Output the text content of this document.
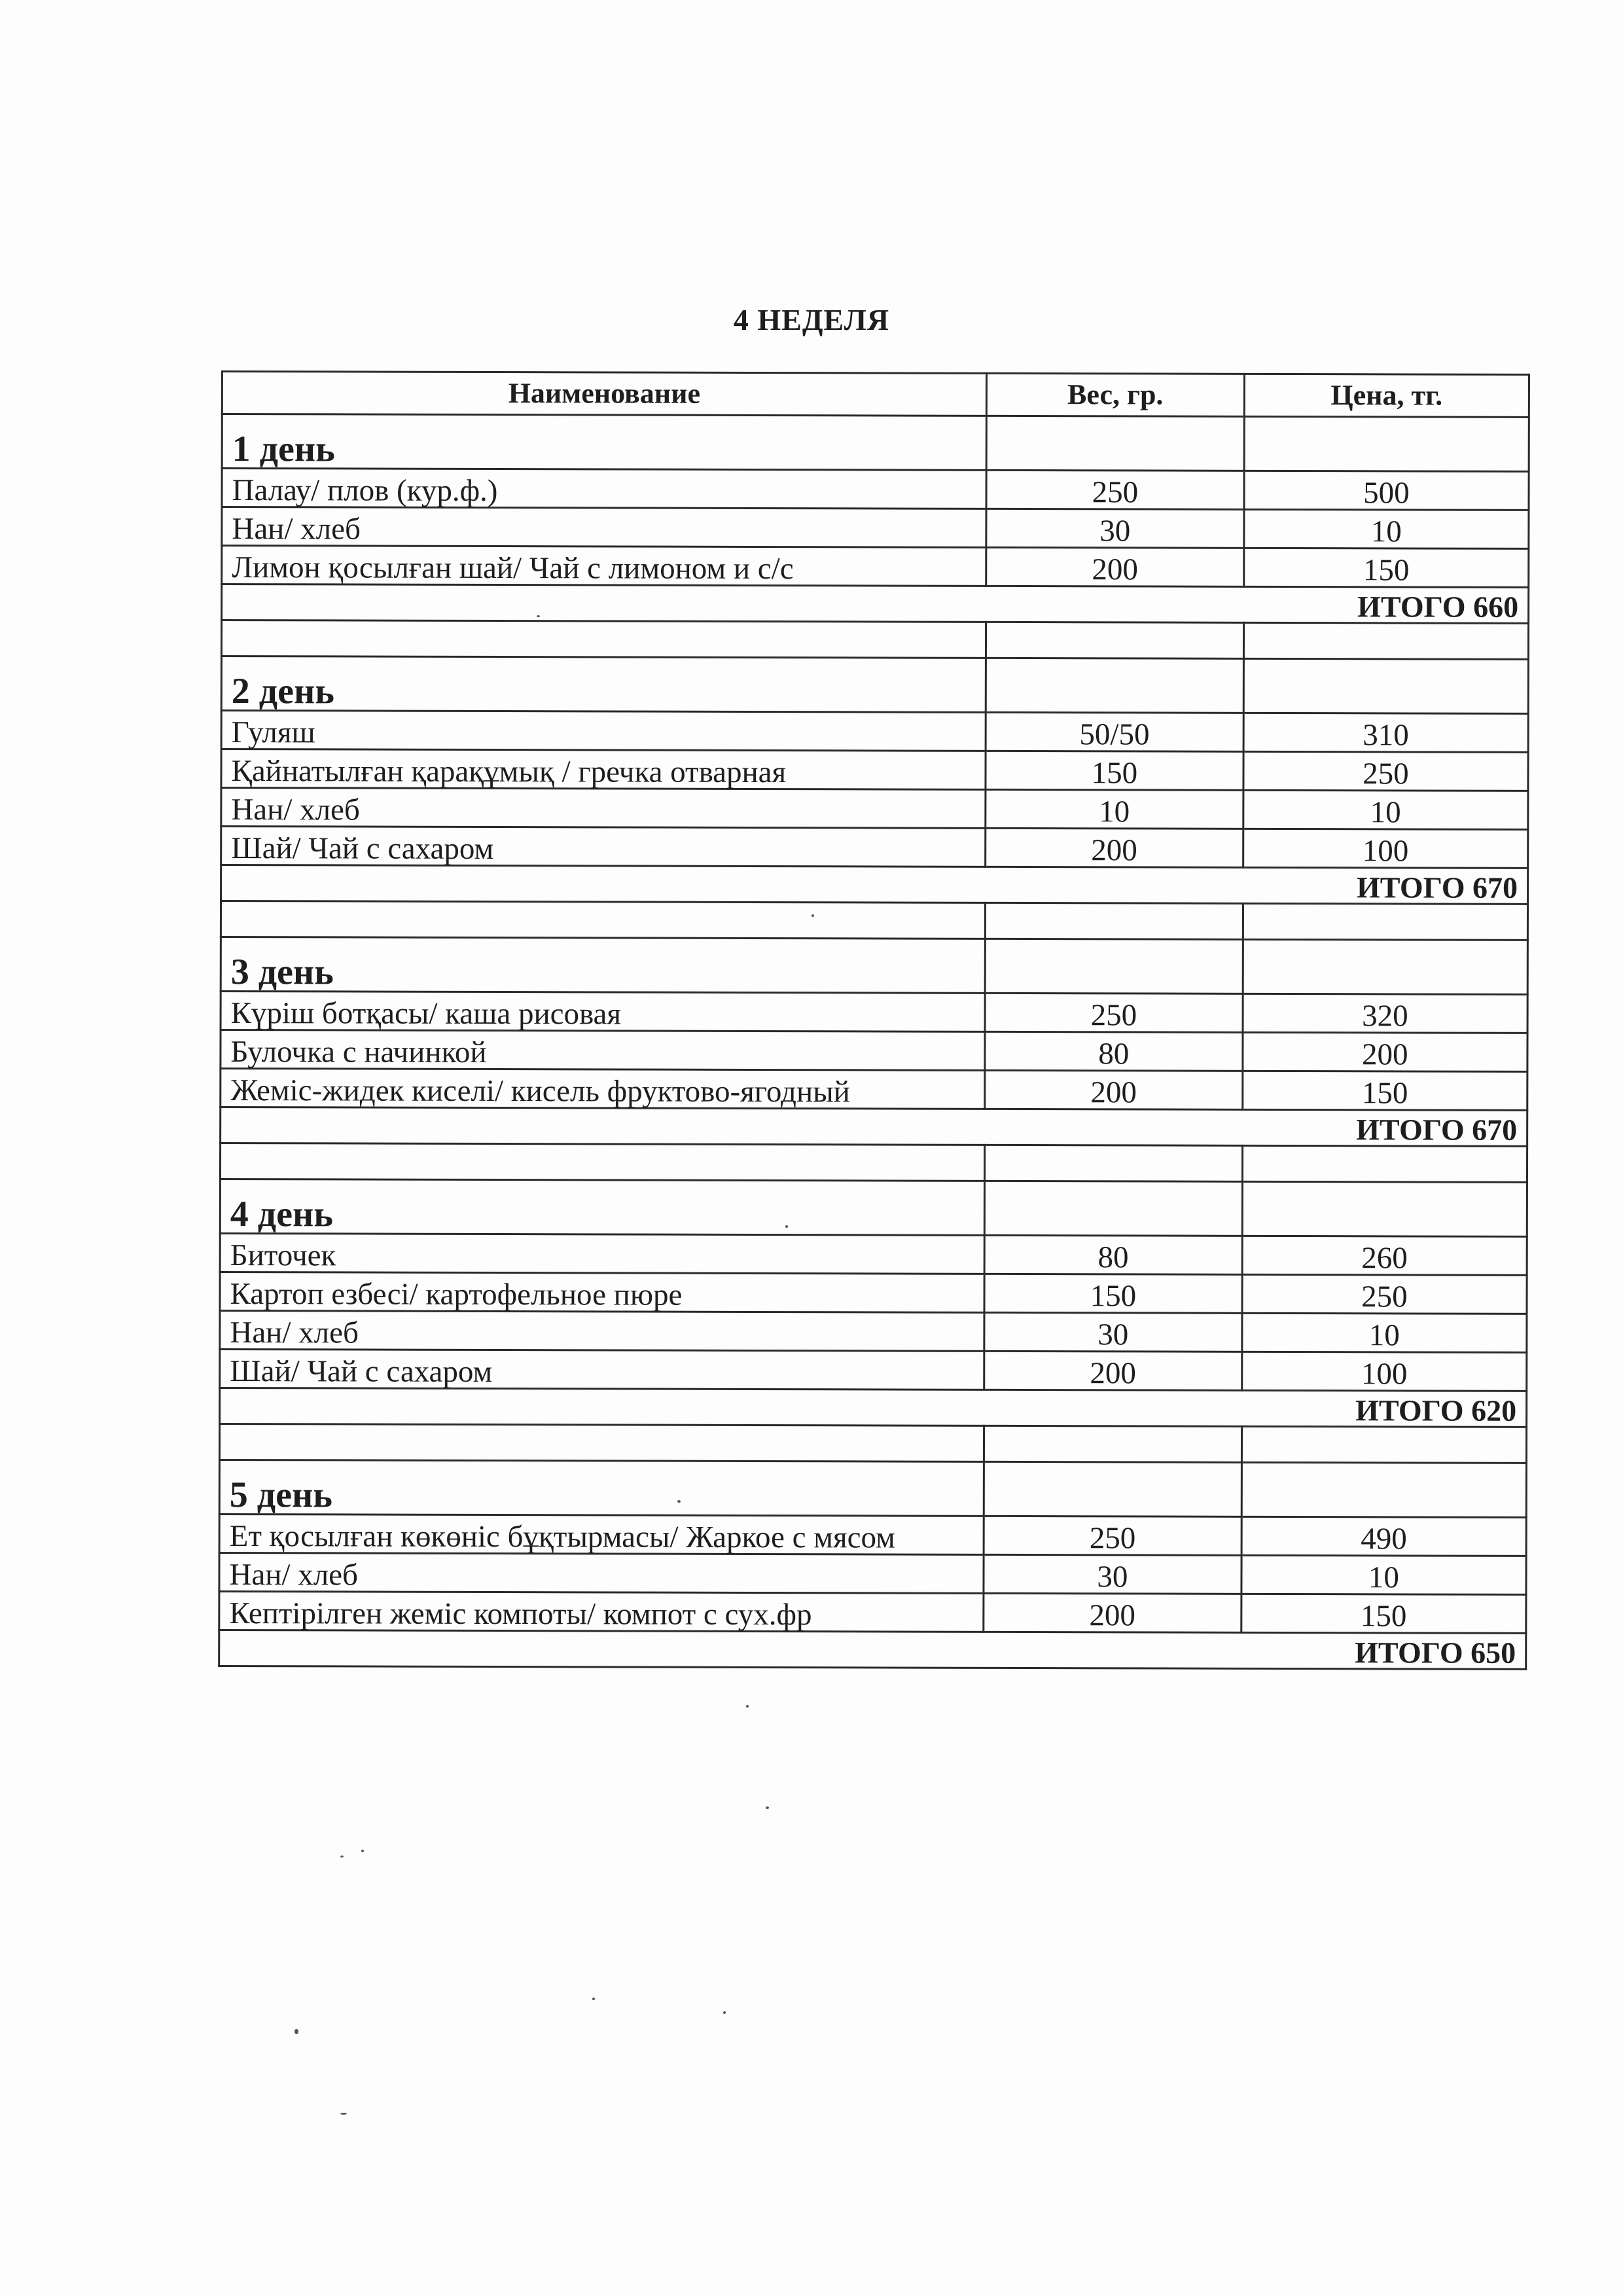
4 НЕДЕЛЯ
Наименование	Вес, гр.	Цена, тг.
1 день		
Палау/ плов (кур.ф.)	250	500
Нан/ хлеб	30	10
Лимон қосылған шай/ Чай с лимоном и с/с	200	150
ИТОГО 660		

2 день		
Гуляш	50/50	310
Қайнатылған қарақұмық / гречка отварная	150	250
Нан/ хлеб	10	10
Шай/ Чай с сахаром	200	100
ИТОГО 670		

3 день		
Күріш ботқасы/ каша рисовая	250	320
Булочка с начинкой	80	200
Жеміс-жидек киселі/ кисель фруктово-ягодный	200	150
ИТОГО 670		

4 день		
Биточек	80	260
Картоп езбесі/ картофельное пюре	150	250
Нан/ хлеб	30	10
Шай/ Чай с сахаром	200	100
ИТОГО 620		

5 день		
Ет қосылған көкөніс бұқтырмасы/ Жаркое с мясом	250	490
Нан/ хлеб	30	10
Кептірілген жеміс компоты/ компот с сух.фр	200	150
ИТОГО 650		
